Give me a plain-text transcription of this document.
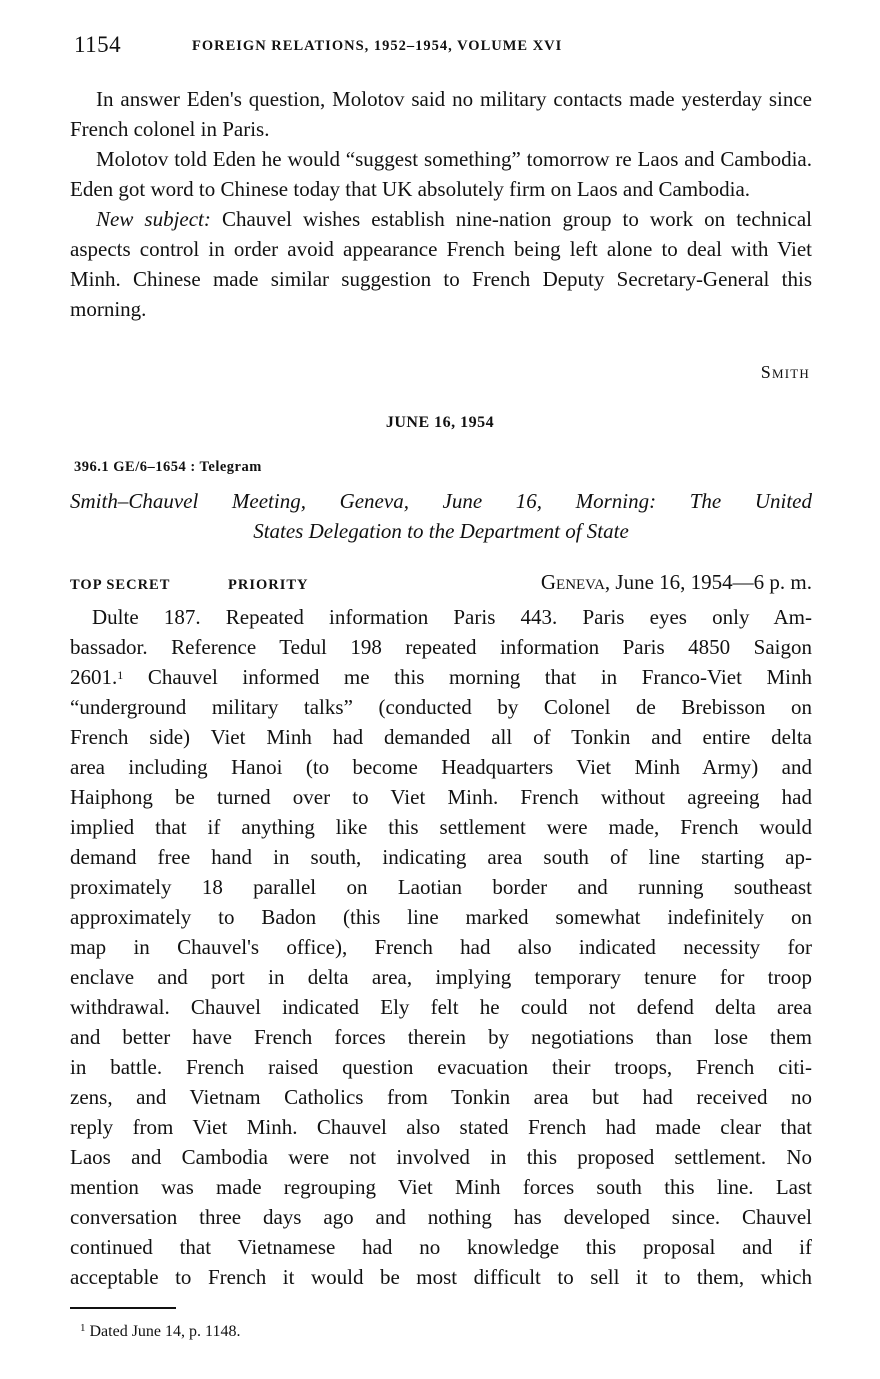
1154	FOREIGN RELATIONS, 1952–1954, VOLUME XVI

In answer Eden's question, Molotov said no military contacts made yesterday since French colonel in Paris.

Molotov told Eden he would “suggest something” tomorrow re Laos and Cambodia. Eden got word to Chinese today that UK absolutely firm on Laos and Cambodia.

New subject: Chauvel wishes establish nine-nation group to work on technical aspects control in order avoid appearance French being left alone to deal with Viet Minh. Chinese made similar suggestion to French Deputy Secretary-General this morning.

Smith
JUNE 16, 1954
396.1 GE/6–1654 : Telegram
Smith–Chauvel Meeting, Geneva, June 16, Morning: The United
States Delegation to the Department of State
TOP SECRET	PRIORITY	Geneva, June 16, 1954—6 p. m.
Dulte 187. Repeated information Paris 443. Paris eyes only Am-
bassador. Reference Tedul 198 repeated information Paris 4850 Saigon
2601.$^1$ Chauvel informed me this morning that in Franco-Viet Minh
“underground military talks” (conducted by Colonel de Brebisson on
French side) Viet Minh had demanded all of Tonkin and entire delta
area including Hanoi (to become Headquarters Viet Minh Army) and
Haiphong be turned over to Viet Minh. French without agreeing had
implied that if anything like this settlement were made, French would
demand free hand in south, indicating area south of line starting ap-
proximately 18 parallel on Laotian border and running southeast
approximately to Badon (this line marked somewhat indefinitely on
map in Chauvel's office), French had also indicated necessity for
enclave and port in delta area, implying temporary tenure for troop
withdrawal. Chauvel indicated Ely felt he could not defend delta area
and better have French forces therein by negotiations than lose them
in battle. French raised question evacuation their troops, French citi-
zens, and Vietnam Catholics from Tonkin area but had received no
reply from Viet Minh. Chauvel also stated French had made clear that
Laos and Cambodia were not involved in this proposed settlement. No
mention was made regrouping Viet Minh forces south this line. Last
conversation three days ago and nothing has developed since. Chauvel
continued that Vietnamese had no knowledge this proposal and if
acceptable to French it would be most difficult to sell it to them, which
$^1$ Dated June 14, p. 1148.
